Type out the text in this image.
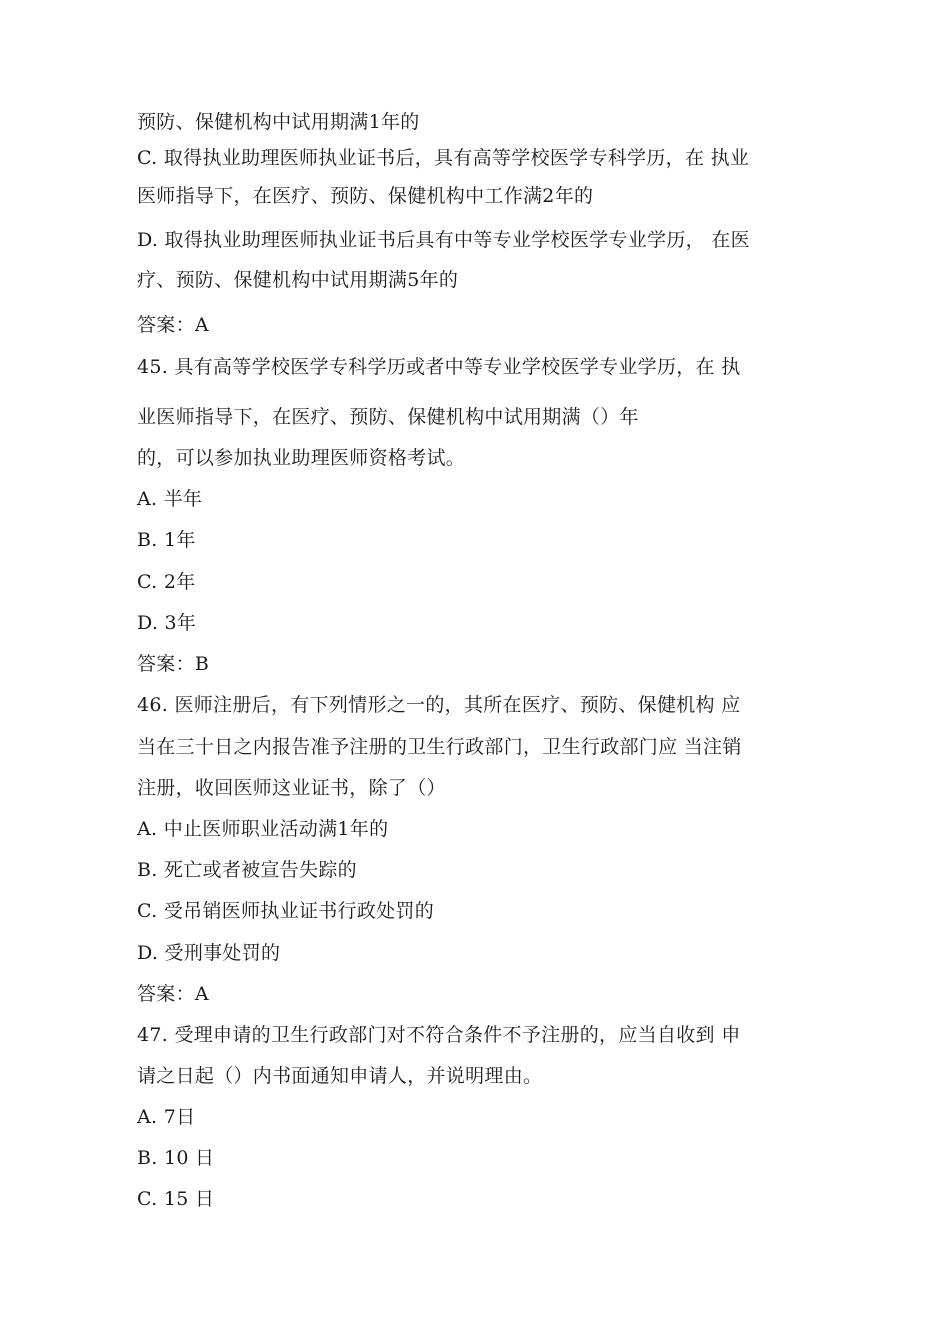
预防、保健机构中试用期满1年的
C. 取得执业助理医师执业证书后，具有高等学校医学专科学历，在 执业
医师指导下，在医疗、预防、保健机构中工作满2年的
D. 取得执业助理医师执业证书后具有中等专业学校医学专业学历， 在医
疗、预防、保健机构中试用期满5年的
答案：A
45. 具有高等学校医学专科学历或者中等专业学校医学专业学历，在 执
业医师指导下，在医疗、预防、保健机构中试用期满（）年
的，可以参加执业助理医师资格考试。
A. 半年
B. 1年
C. 2年
D. 3年
答案：B
46. 医师注册后，有下列情形之一的，其所在医疗、预防、保健机构 应
当在三十日之内报告准予注册的卫生行政部门，卫生行政部门应 当注销
注册，收回医师这业证书，除了（）
A. 中止医师职业活动满1年的
B. 死亡或者被宣告失踪的
C. 受吊销医师执业证书行政处罚的
D. 受刑事处罚的
答案：A
47. 受理申请的卫生行政部门对不符合条件不予注册的，应当自收到 申
请之日起（）内书面通知申请人，并说明理由。
A. 7日
B. 10 日
C. 15 日
